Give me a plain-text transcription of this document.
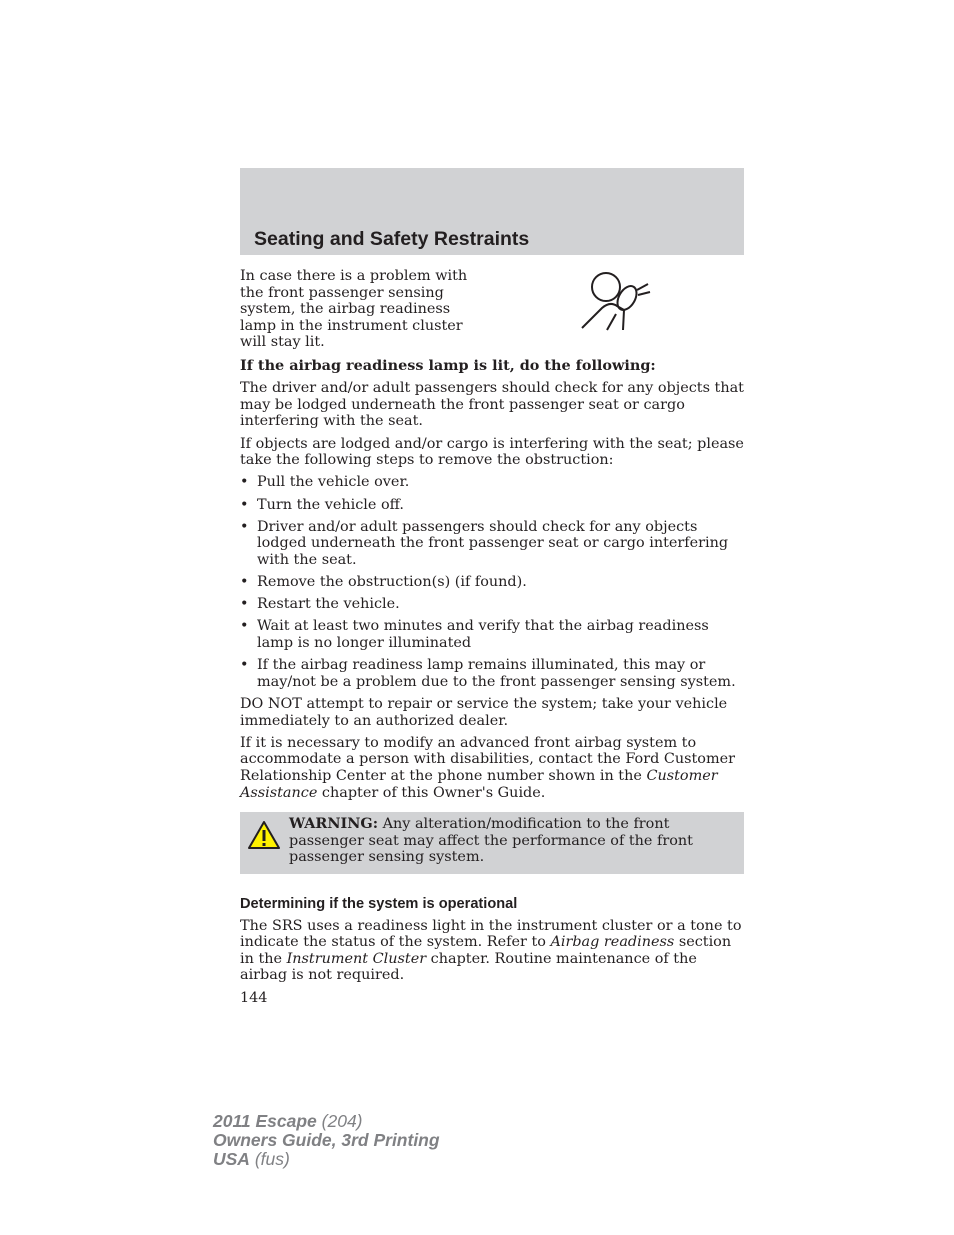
Seating and Safety Restraints

In case there is a problem with the front passenger sensing system, the airbag readiness lamp in the instrument cluster will stay lit.

If the airbag readiness lamp is lit, do the following:

The driver and/or adult passengers should check for any objects that may be lodged underneath the front passenger seat or cargo interfering with the seat.

If objects are lodged and/or cargo is interfering with the seat; please take the following steps to remove the obstruction:

• Pull the vehicle over.
• Turn the vehicle off.
• Driver and/or adult passengers should check for any objects lodged underneath the front passenger seat or cargo interfering with the seat.
• Remove the obstruction(s) (if found).
• Restart the vehicle.
• Wait at least two minutes and verify that the airbag readiness lamp is no longer illuminated
• If the airbag readiness lamp remains illuminated, this may or may/not be a problem due to the front passenger sensing system.

DO NOT attempt to repair or service the system; take your vehicle immediately to an authorized dealer.

If it is necessary to modify an advanced front airbag system to accommodate a person with disabilities, contact the Ford Customer Relationship Center at the phone number shown in the Customer Assistance chapter of this Owner's Guide.

WARNING: Any alteration/modification to the front passenger seat may affect the performance of the front passenger sensing system.
Determining if the system is operational

The SRS uses a readiness light in the instrument cluster or a tone to indicate the status of the system. Refer to Airbag readiness section in the Instrument Cluster chapter. Routine maintenance of the airbag is not required.

144
2011 Escape (204)
Owners Guide, 3rd Printing
USA (fus)
